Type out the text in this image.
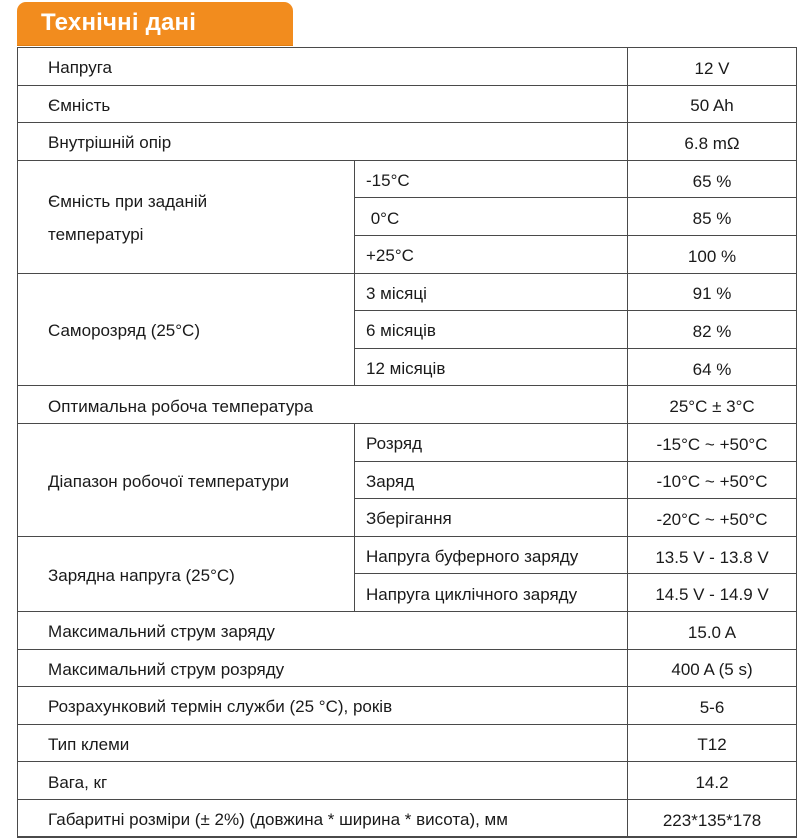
Технічні дані
Напруга		12 V
Ємність		50 Ah
Внутрішній опір		6.8 mΩ

Ємність при заданій
температурі	-15°C	65 %
	0°C	85 %
	+25°C	100 %
Саморозряд (25°C)	3 місяці	91 %
	6 місяців	82 %
	12 місяців	64 %
Оптимальна робоча температура		25°C ± 3°C
Діапазон робочої температури	Розряд	-15°C ~ +50°C
	Заряд	-10°C ~ +50°C
	Зберігання	-20°C ~ +50°C
Зарядна напруга (25°C)	Напруга буферного заряду	13.5 V - 13.8 V
	Напруга циклічного заряду	14.5 V - 14.9 V
Максимальний струм заряду		15.0 A
Максимальний струм розряду		400 A (5 s)
Розрахунковий термін служби (25 °C), років		5-6
Тип клеми		T12
Вага, кг		14.2
Габаритні розміри (± 2%) (довжина * ширина * висота), мм		223*135*178
